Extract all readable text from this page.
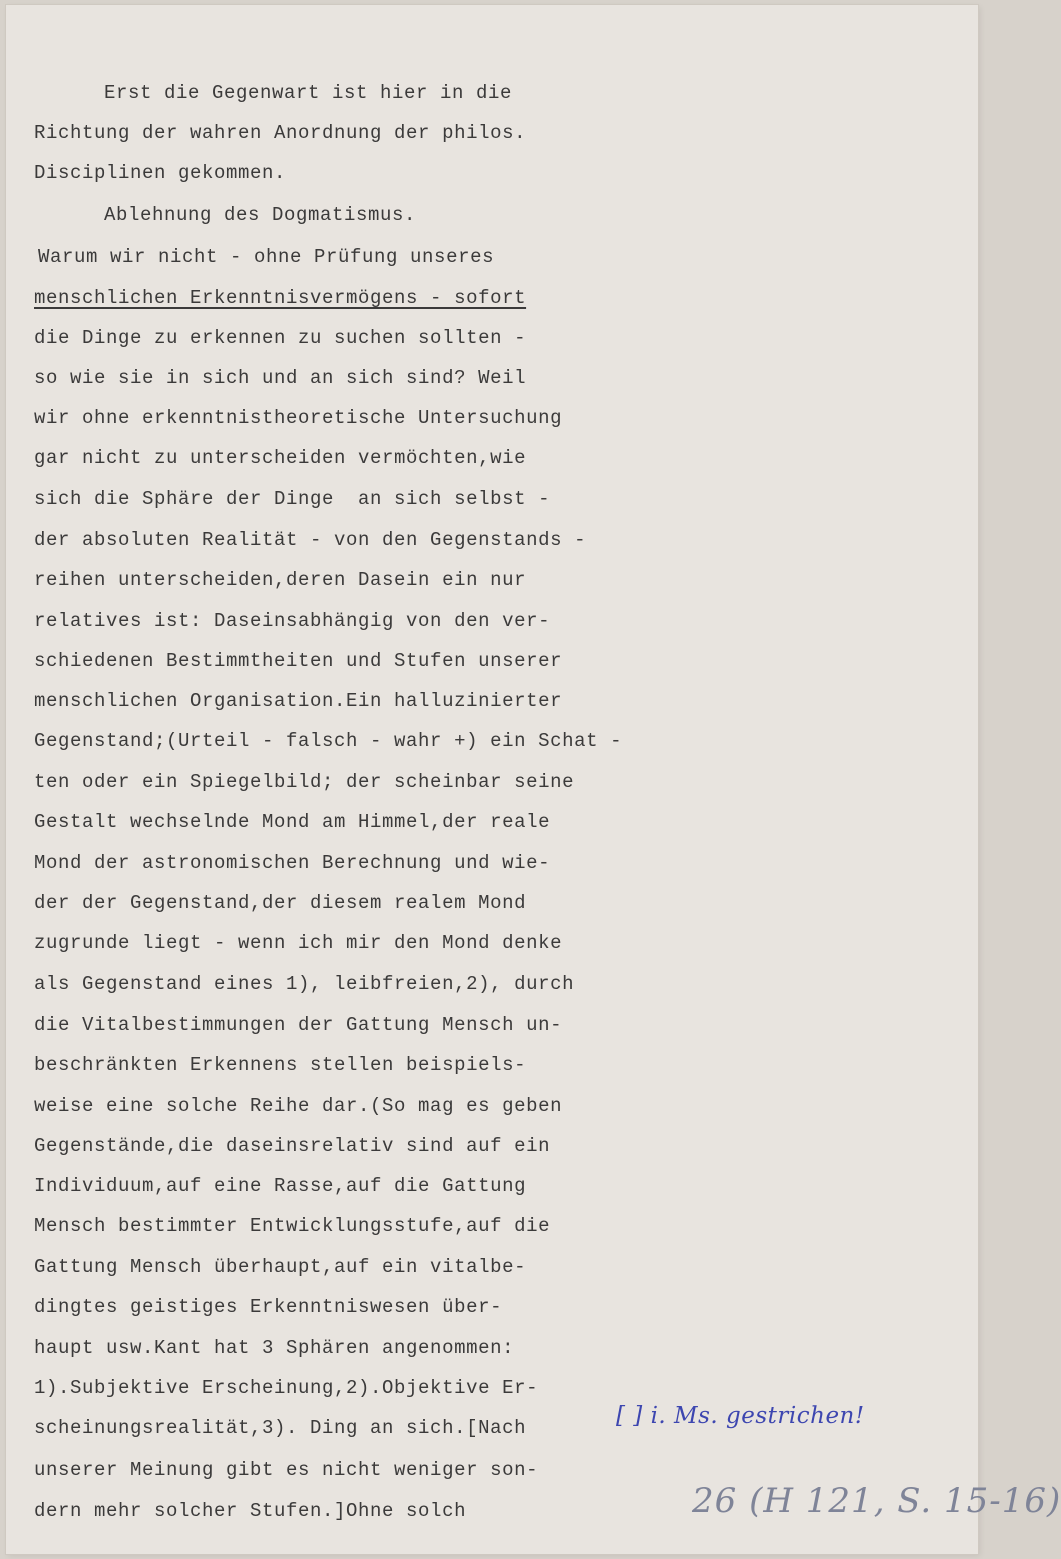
Erst die Gegenwart ist hier in die
Richtung der wahren Anordnung der philos.
Disciplinen gekommen.
Ablehnung des Dogmatismus.
Warum wir nicht - ohne Prüfung unseres
menschlichen Erkenntnisvermögens - sofort
die Dinge zu erkennen zu suchen sollten -
so wie sie in sich und an sich sind? Weil
wir ohne erkenntnistheoretische Untersuchung
gar nicht zu unterscheiden vermöchten,wie
sich die Sphäre der Dinge  an sich selbst -
der absoluten Realität - von den Gegenstands -
reihen unterscheiden,deren Dasein ein nur
relatives ist: Daseinsabhängig von den ver-
schiedenen Bestimmtheiten und Stufen unserer
menschlichen Organisation.Ein halluzinierter
Gegenstand;(Urteil - falsch - wahr +) ein Schat -
ten oder ein Spiegelbild; der scheinbar seine
Gestalt wechselnde Mond am Himmel,der reale
Mond der astronomischen Berechnung und wie-
der der Gegenstand,der diesem realem Mond
zugrunde liegt - wenn ich mir den Mond denke
als Gegenstand eines 1), leibfreien,2), durch
die Vitalbestimmungen der Gattung Mensch un-
beschränkten Erkennens stellen beispiels-
weise eine solche Reihe dar.(So mag es geben
Gegenstände,die daseinsrelativ sind auf ein
Individuum,auf eine Rasse,auf die Gattung
Mensch bestimmter Entwicklungsstufe,auf die
Gattung Mensch überhaupt,auf ein vitalbe-
dingtes geistiges Erkenntniswesen über-
haupt usw.Kant hat 3 Sphären angenommen:
1).Subjektive Erscheinung,2).Objektive Er-
scheinungsrealität,3). Ding an sich.[Nach
unserer Meinung gibt es nicht weniger son-
dern mehr solcher Stufen.]Ohne solch
[ ] i. Ms. gestrichen!
26 (H 121, S. 15-16)
